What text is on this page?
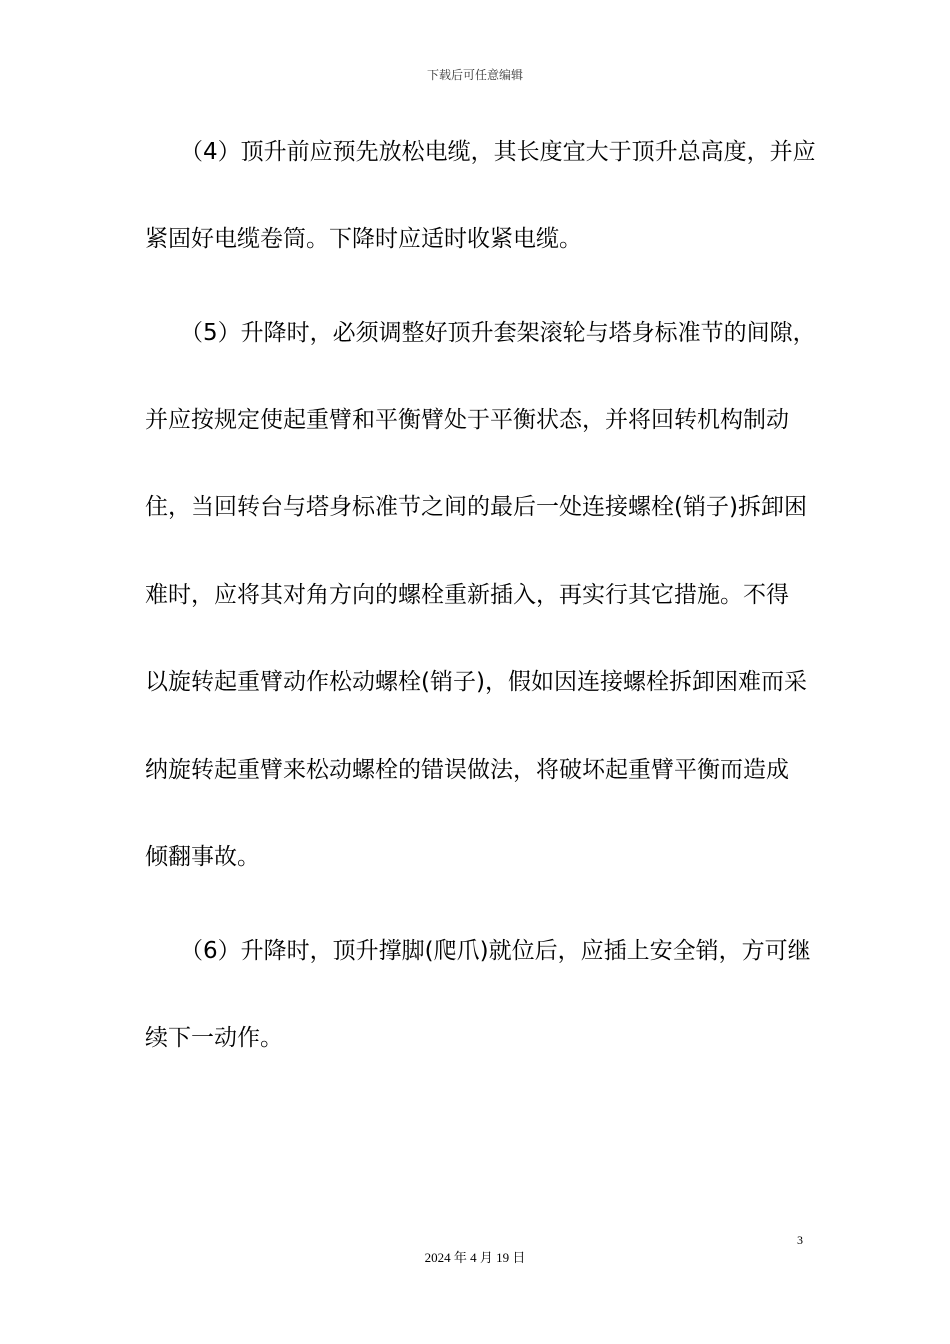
下载后可任意编辑
（4）顶升前应预先放松电缆，其长度宜大于顶升总高度，并应
紧固好电缆卷筒。下降时应适时收紧电缆。
（5）升降时，必须调整好顶升套架滚轮与塔身标准节的间隙，
并应按规定使起重臂和平衡臂处于平衡状态，并将回转机构制动
住，当回转台与塔身标准节之间的最后一处连接螺栓(销子)拆卸困
难时，应将其对角方向的螺栓重新插入，再实行其它措施。不得
以旋转起重臂动作松动螺栓(销子)，假如因连接螺栓拆卸困难而采
纳旋转起重臂来松动螺栓的错误做法，将破坏起重臂平衡而造成
倾翻事故。
（6）升降时，顶升撑脚(爬爪)就位后，应插上安全销，方可继
续下一动作。
3
2024 年 4 月 19 日
